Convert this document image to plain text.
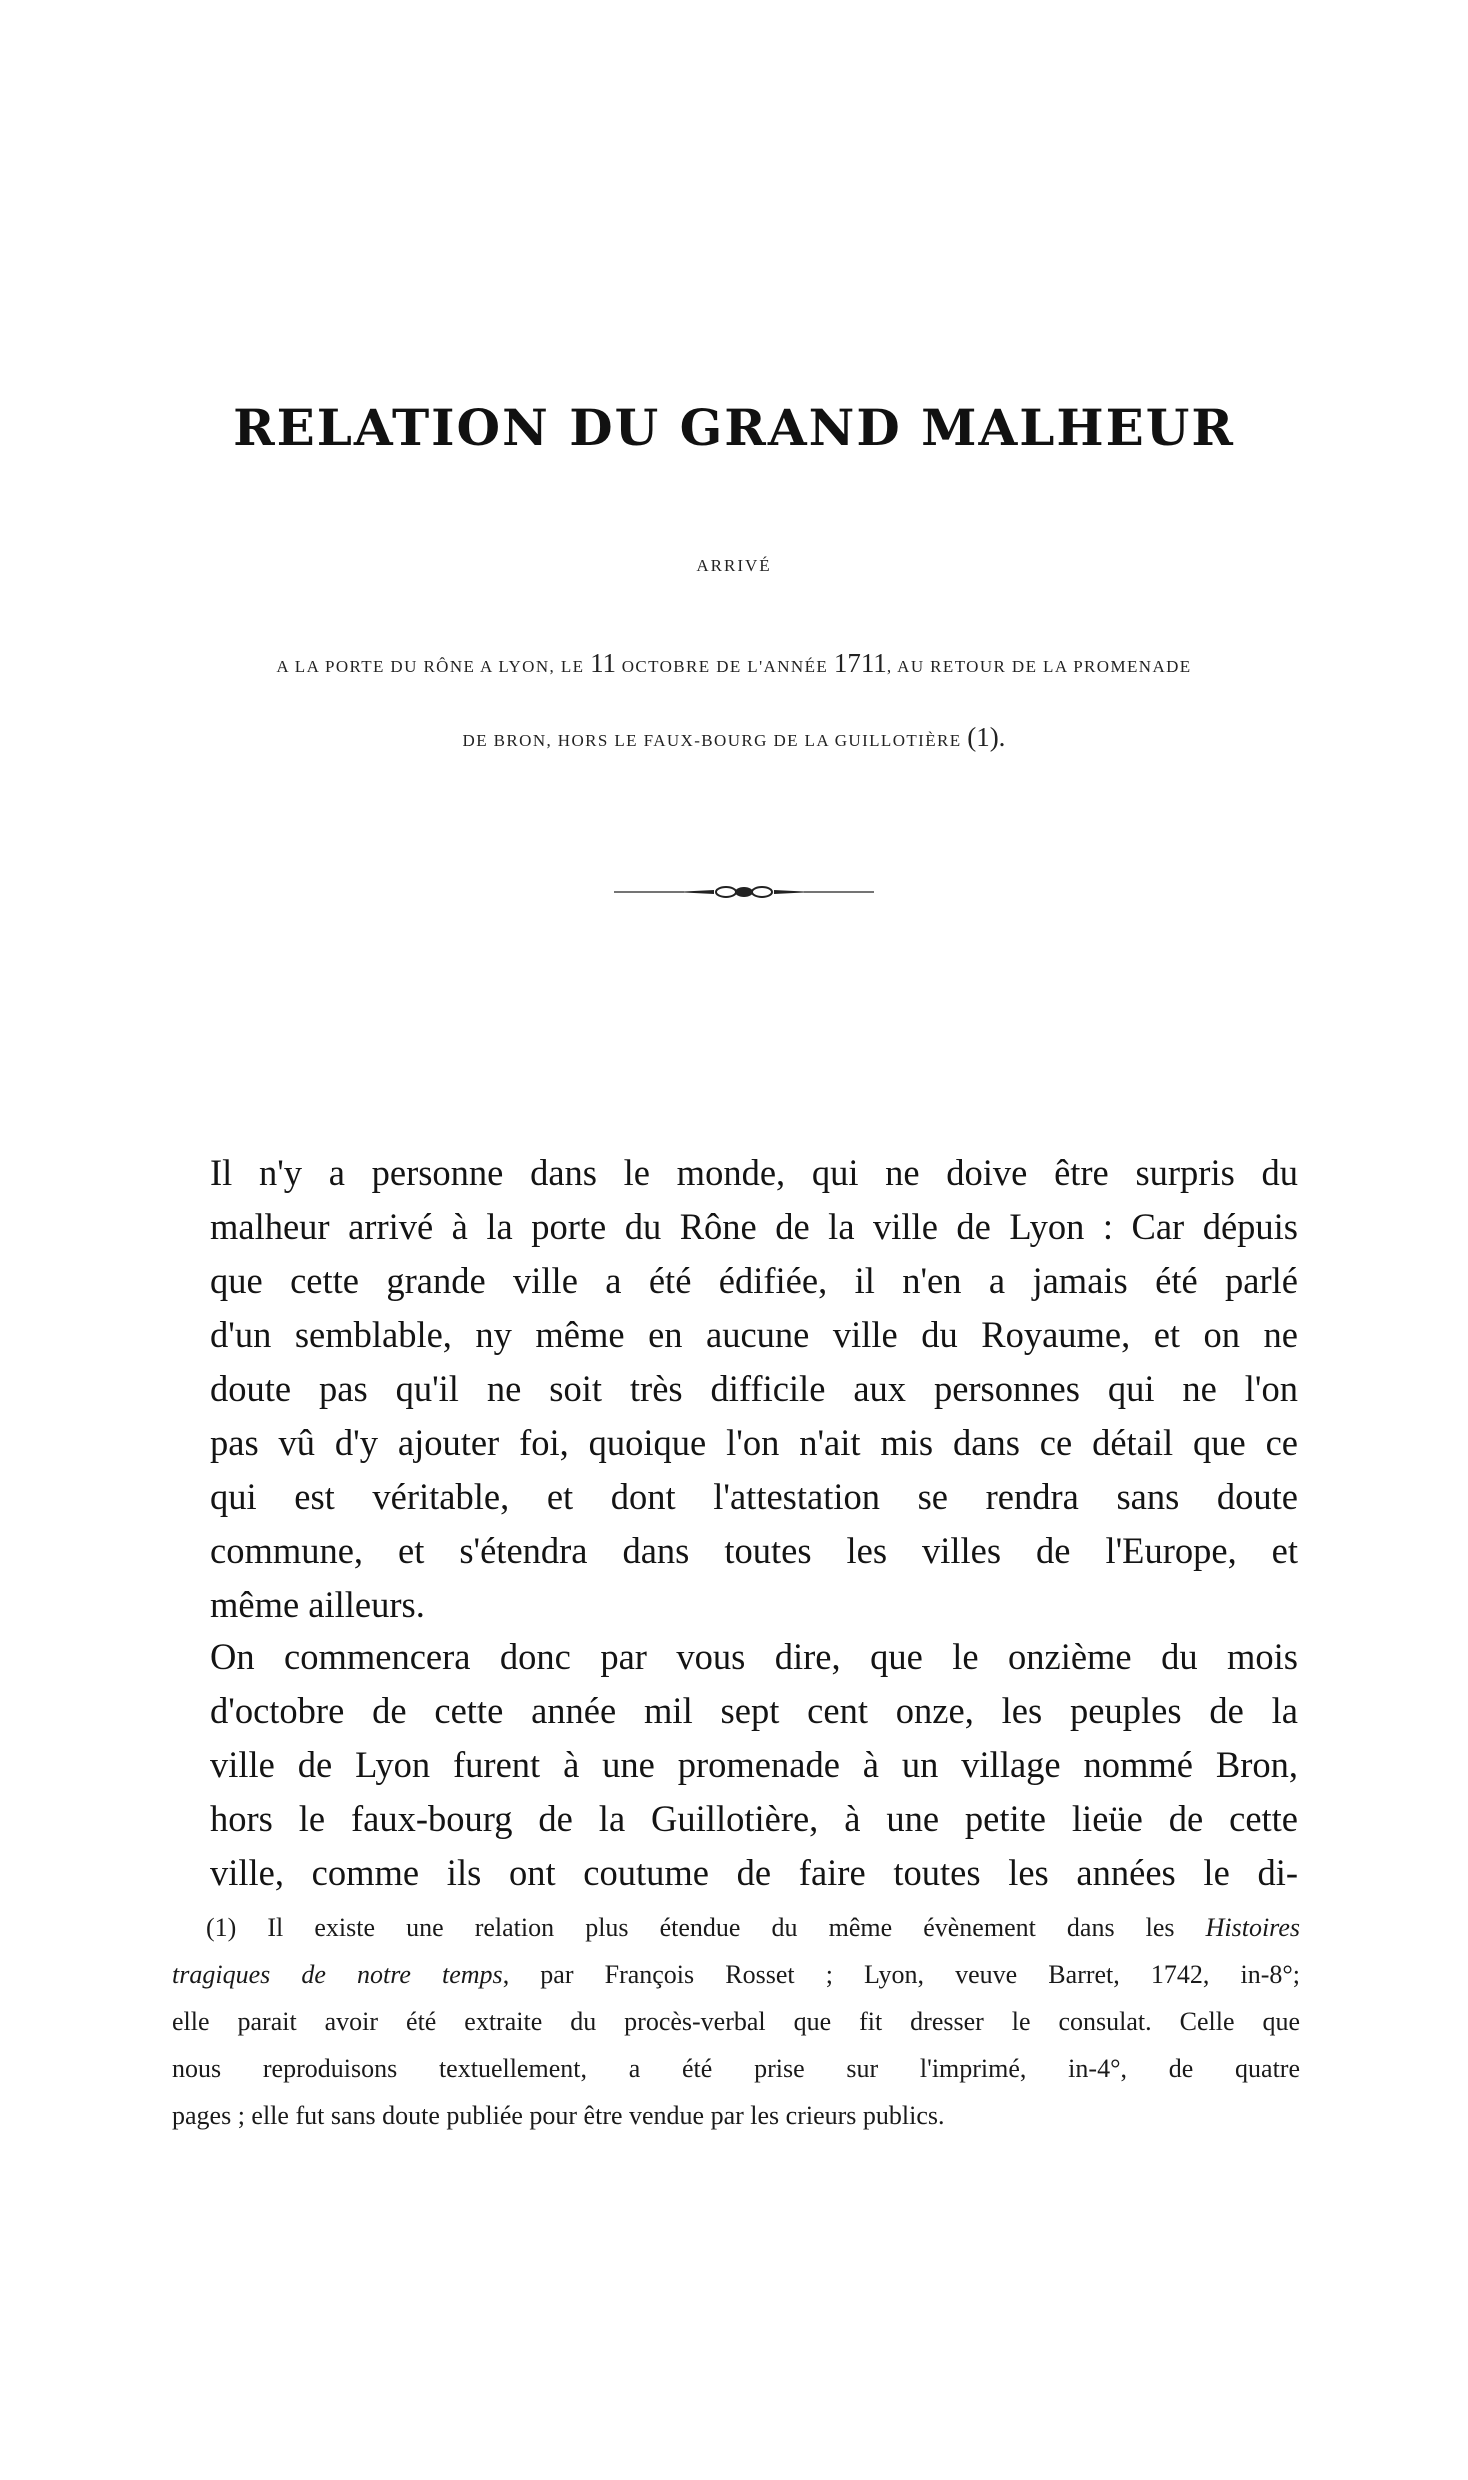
RELATION DU GRAND MALHEUR
ARRIVÉ
A LA PORTE DU RÔNE A LYON, LE 11 OCTOBRE DE L'ANNÉE 1711, AU RETOUR DE LA PROMENADE
DE BRON, HORS LE FAUX-BOURG DE LA GUILLOTIÈRE (1).
Il n'y a personne dans le monde, qui ne doive être surpris du
malheur arrivé à la porte du Rône de la ville de Lyon : Car dépuis
que cette grande ville a été édifiée, il n'en a jamais été parlé
d'un semblable, ny même en aucune ville du Royaume, et on ne
doute pas qu'il ne soit très difficile aux personnes qui ne l'on
pas vû d'y ajouter foi, quoique l'on n'ait mis dans ce détail que ce
qui est véritable, et dont l'attestation se rendra sans doute
commune, et s'étendra dans toutes les villes de l'Europe, et
même ailleurs.
On commencera donc par vous dire, que le onzième du mois
d'octobre de cette année mil sept cent onze, les peuples de la
ville de Lyon furent à une promenade à un village nommé Bron,
hors le faux-bourg de la Guillotière, à une petite lieüe de cette
ville, comme ils ont coutume de faire toutes les années le di-
(1) Il existe une relation plus étendue du même évènement dans les Histoires
tragiques de notre temps, par François Rosset ; Lyon, veuve Barret, 1742, in-8°;
elle parait avoir été extraite du procès-verbal que fit dresser le consulat. Celle que
nous reproduisons textuellement, a été prise sur l'imprimé, in-4°, de quatre
pages ; elle fut sans doute publiée pour être vendue par les crieurs publics.
